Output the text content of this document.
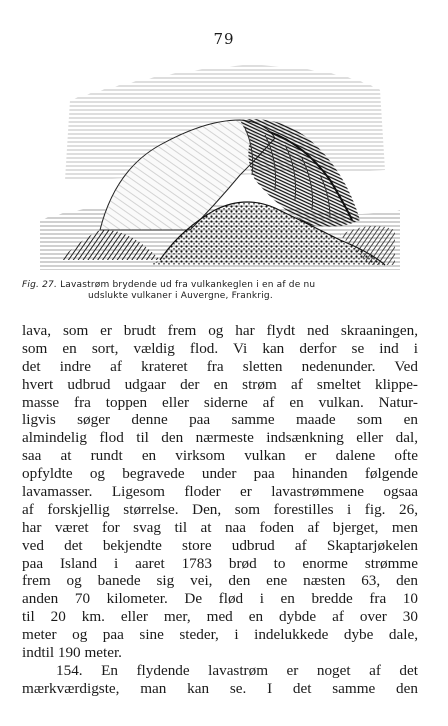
79
Fig. 27. Lavastrøm brydende ud fra vulkankeglen i en af de nu
udslukte vulkaner i Auvergne, Frankrig.
lava, som er brudt frem og har flydt ned skraaningen,
som en sort, vældig flod. Vi kan derfor se ind i
det indre af krateret fra sletten nedenunder. Ved
hvert udbrud udgaar der en strøm af smeltet klippe-
masse fra toppen eller siderne af en vulkan. Natur-
ligvis søger denne paa samme maade som en
almindelig flod til den nærmeste indsænkning eller dal,
saa at rundt en virksom vulkan er dalene ofte
opfyldte og begravede under paa hinanden følgende
lavamasser. Ligesom floder er lavastrømmene ogsaa
af forskjellig størrelse. Den, som forestilles i fig. 26,
har været for svag til at naa foden af bjerget, men
ved det bekjendte store udbrud af Skaptarjøkelen
paa Island i aaret 1783 brød to enorme strømme
frem og banede sig vei, den ene næsten 63, den
anden 70 kilometer. De flød i en bredde fra 10
til 20 km. eller mer, med en dybde af over 30
meter og paa sine steder, i indelukkede dybe dale,
indtil 190 meter.
154. En flydende lavastrøm er noget af det
mærkværdigste, man kan se. I det samme den
